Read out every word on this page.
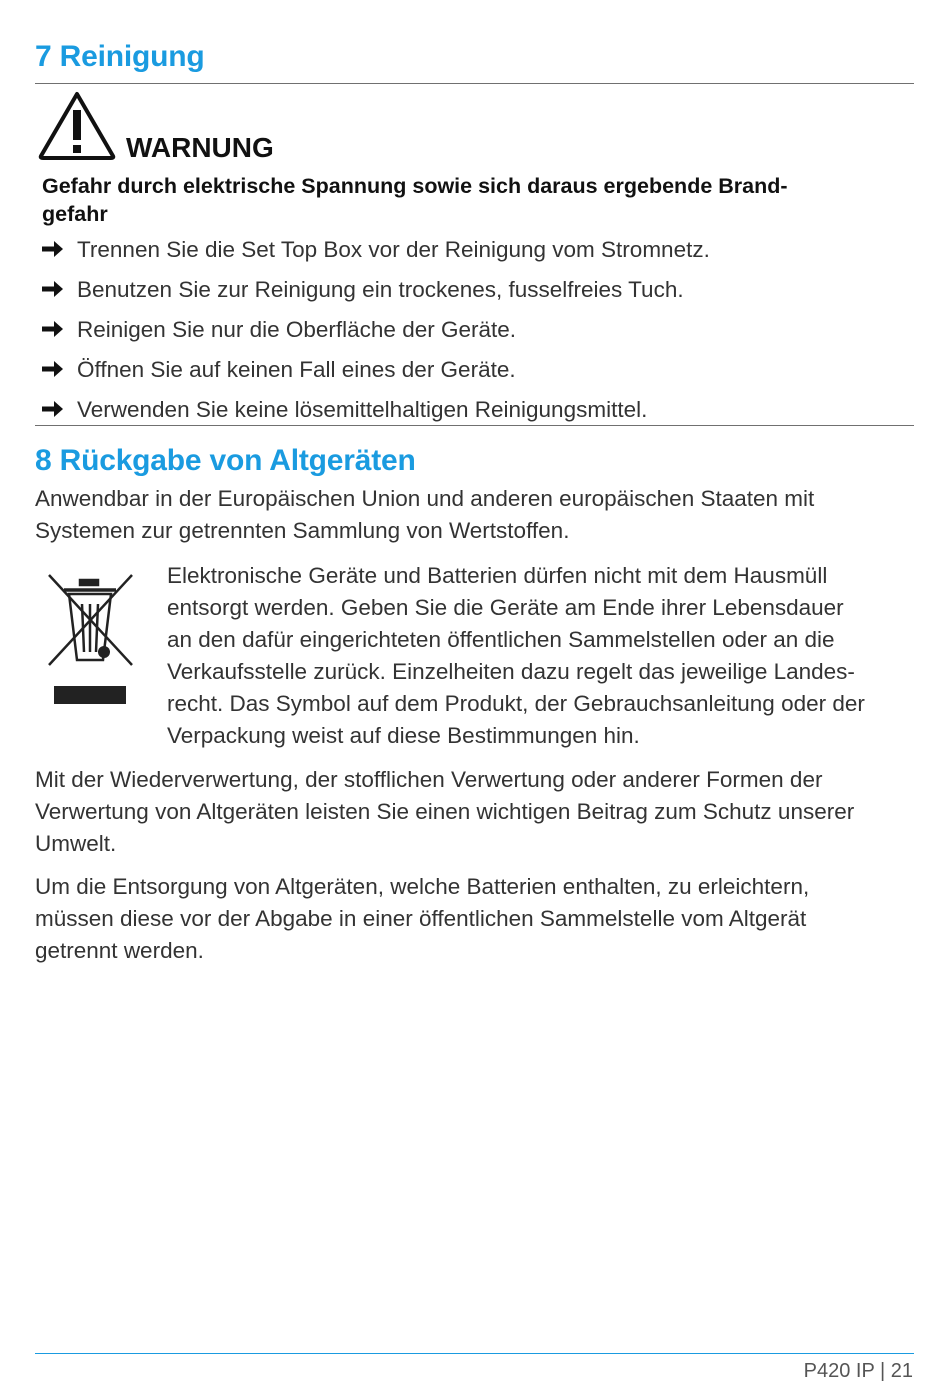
7 Reinigung
WARNUNG
Gefahr durch elektrische Spannung sowie sich daraus ergebende Brand-
gefahr
Trennen Sie die Set Top Box vor der Reinigung vom Stromnetz.
Benutzen Sie zur Reinigung ein trockenes, fusselfreies Tuch.
Reinigen Sie nur die Oberfläche der Geräte.
Öffnen Sie auf keinen Fall eines der Geräte.
Verwenden Sie keine lösemittelhaltigen Reinigungsmittel.
8 Rückgabe von Altgeräten
Anwendbar in der Europäischen Union und anderen europäischen Staaten mit
Systemen zur getrennten Sammlung von Wertstoffen.
Elektronische Geräte und Batterien dürfen nicht mit dem Hausmüll
entsorgt werden. Geben Sie die Geräte am Ende ihrer Lebensdauer
an den dafür eingerichteten öffentlichen Sammelstellen oder an die
Verkaufsstelle zurück. Einzelheiten dazu regelt das jeweilige Landes-
recht. Das Symbol auf dem Produkt, der Gebrauchsanleitung oder der
Verpackung weist auf diese Bestimmungen hin.
Mit der Wiederverwertung, der stofflichen Verwertung oder anderer Formen der
Verwertung von Altgeräten leisten Sie einen wichtigen Beitrag zum Schutz unserer
Umwelt.
Um die Entsorgung von Altgeräten, welche Batterien enthalten, zu erleichtern,
müssen diese vor der Abgabe in einer öffentlichen Sammelstelle vom Altgerät
getrennt werden.
P420 IP | 21
